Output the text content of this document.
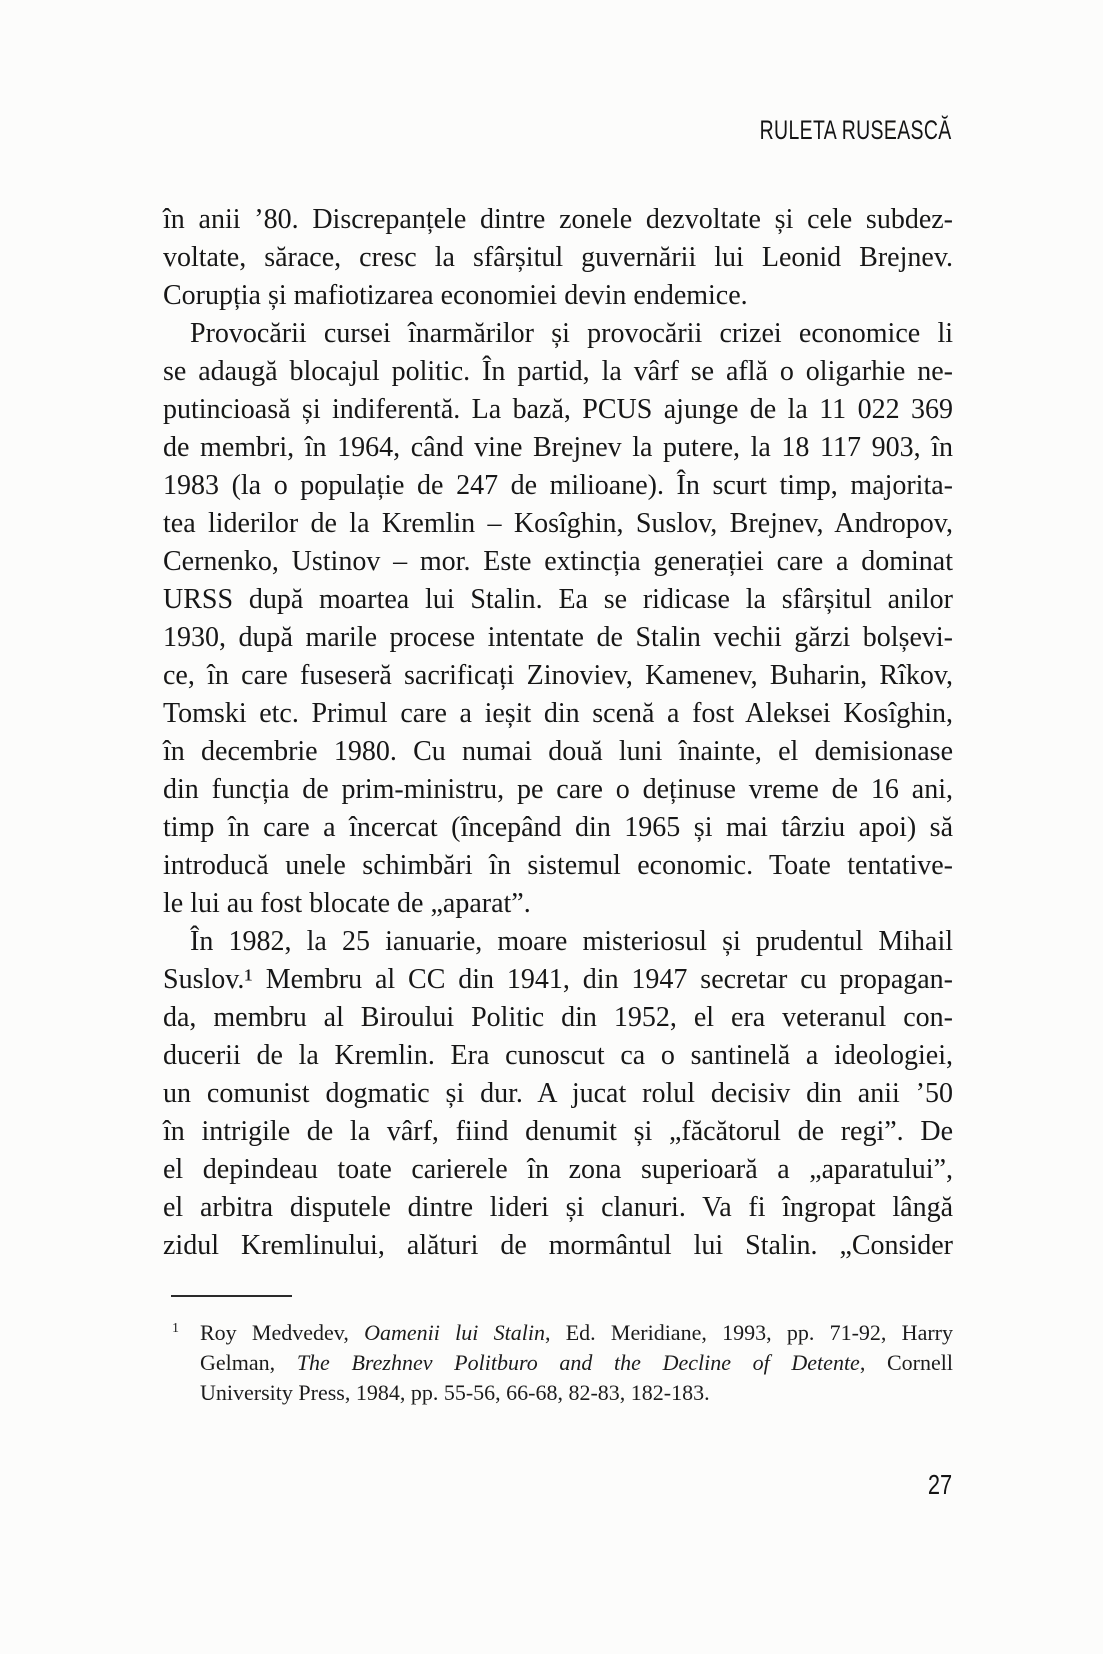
RULETA RUSEASCĂ
în anii ’80. Discrepanțele dintre zonele dezvoltate și cele subdez-
voltate, sărace, cresc la sfârșitul guvernării lui Leonid Brejnev.
Corupția și mafiotizarea economiei devin endemice.
Provocării cursei înarmărilor și provocării crizei economice li
se adaugă blocajul politic. În partid, la vârf se află o oligarhie ne-
putincioasă și indiferentă. La bază, PCUS ajunge de la 11 022 369
de membri, în 1964, când vine Brejnev la putere, la 18 117 903, în
1983 (la o populație de 247 de milioane). În scurt timp, majorita-
tea liderilor de la Kremlin – Kosîghin, Suslov, Brejnev, Andropov,
Cernenko, Ustinov – mor. Este extincția generației care a dominat
URSS după moartea lui Stalin. Ea se ridicase la sfârșitul anilor
1930, după marile procese intentate de Stalin vechii gărzi bolșevi-
ce, în care fuseseră sacrificați Zinoviev, Kamenev, Buharin, Rîkov,
Tomski etc. Primul care a ieșit din scenă a fost Aleksei Kosîghin,
în decembrie 1980. Cu numai două luni înainte, el demisionase
din funcția de prim-ministru, pe care o deținuse vreme de 16 ani,
timp în care a încercat (începând din 1965 și mai târziu apoi) să
introducă unele schimbări în sistemul economic. Toate tentative-
le lui au fost blocate de „aparat”.
În 1982, la 25 ianuarie, moare misteriosul și prudentul Mihail
Suslov.¹ Membru al CC din 1941, din 1947 secretar cu propagan-
da, membru al Biroului Politic din 1952, el era veteranul con-
ducerii de la Kremlin. Era cunoscut ca o santinelă a ideologiei,
un comunist dogmatic și dur. A jucat rolul decisiv din anii ’50
în intrigile de la vârf, fiind denumit și „făcătorul de regi”. De
el depindeau toate carierele în zona superioară a „aparatului”,
el arbitra disputele dintre lideri și clanuri. Va fi îngropat lângă
zidul Kremlinului, alături de mormântul lui Stalin. „Consider
1 Roy Medvedev, Oamenii lui Stalin, Ed. Meridiane, 1993, pp. 71-92, Harry
Gelman, The Brezhnev Politburo and the Decline of Detente, Cornell
University Press, 1984, pp. 55-56, 66-68, 82-83, 182-183.
27
